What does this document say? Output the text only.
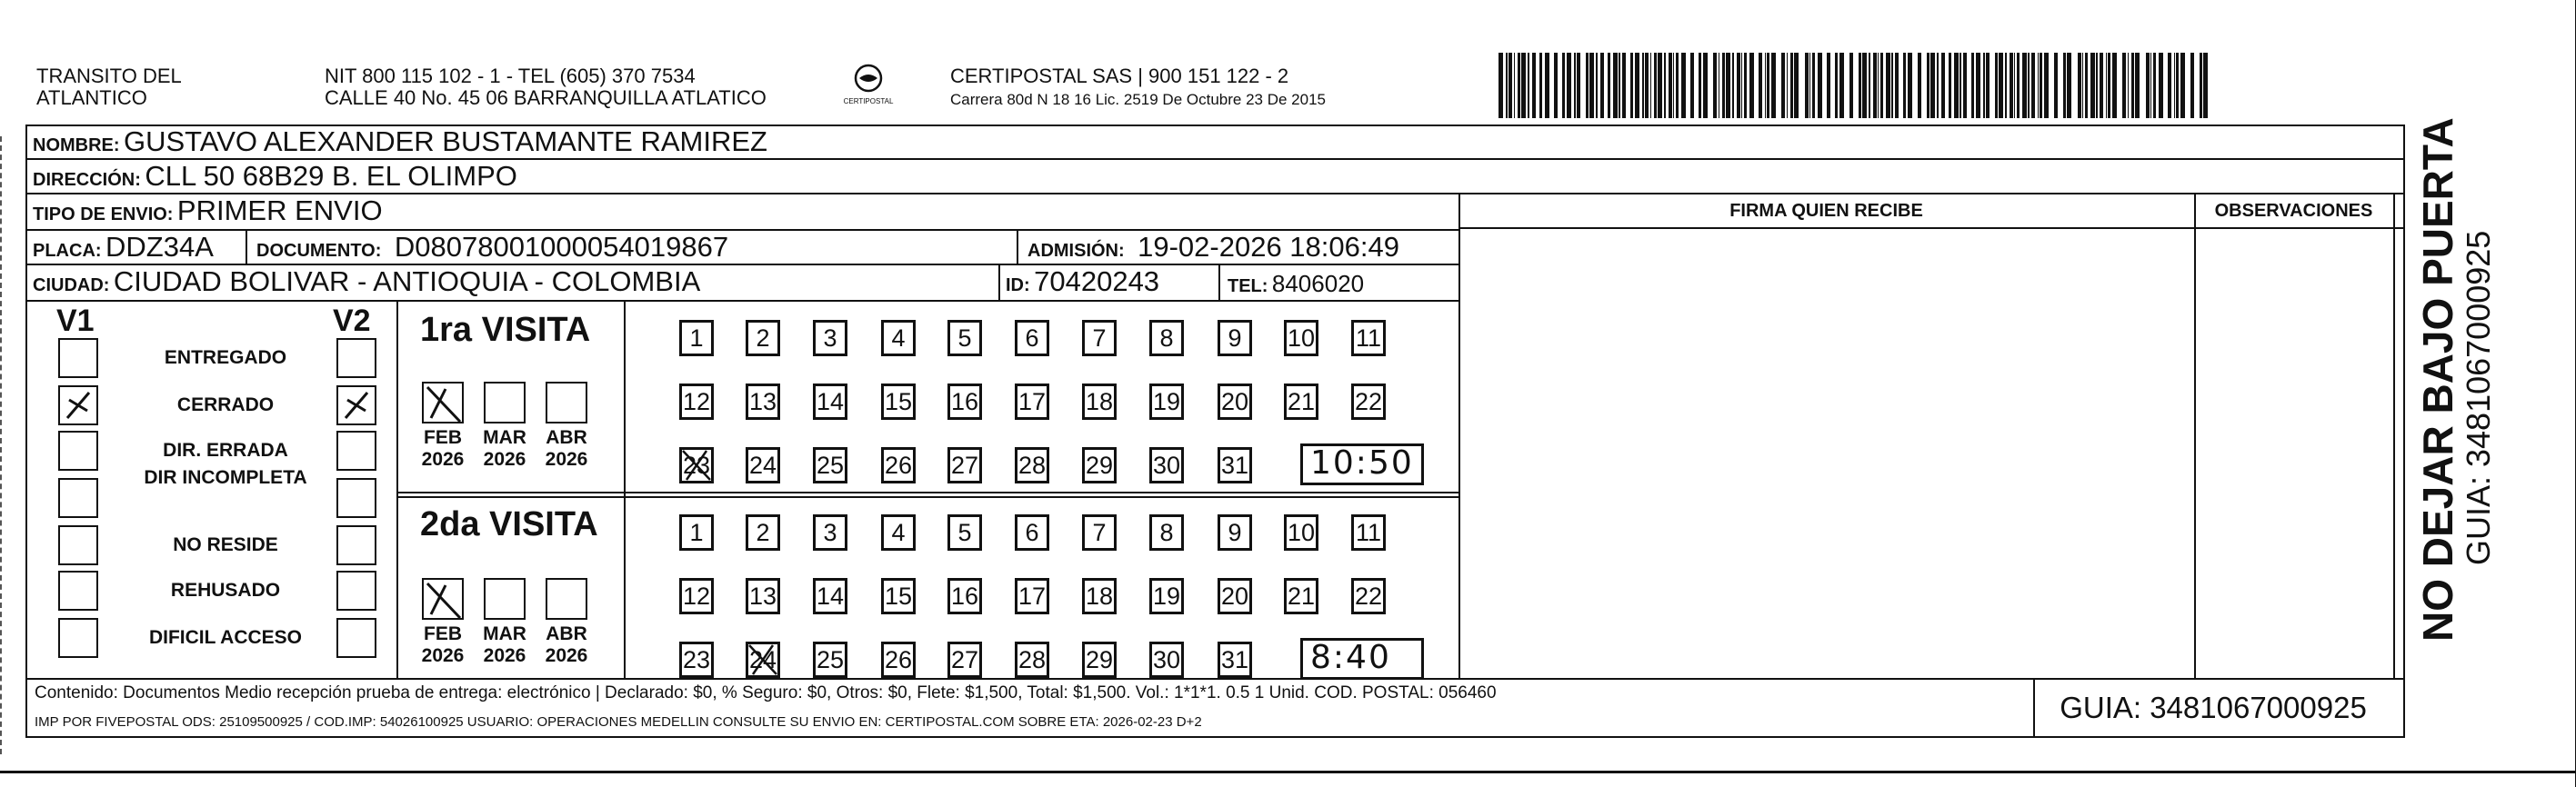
TRANSITO DEL
ATLANTICO
NIT 800 115 102 - 1 - TEL (605) 370 7534
CALLE 40 No. 45 06 BARRANQUILLA ATLATICO	CERTIPOSTAL
CERTIPOSTAL SAS | 900 151 122 - 2
Carrera 80d N 18 16 Lic. 2519 De Octubre 23 De 2015
NOMBRE: GUSTAVO ALEXANDER BUSTAMANTE RAMIREZ
DIRECCIÓN: CLL 50 68B29 B. EL OLIMPO
TIPO DE ENVIO: PRIMER ENVIO	FIRMA QUIEN RECIBE	OBSERVACIONES
PLACA: DDZ34A DOCUMENTO: D08078001000054019867	ADMISIÓN: 19-02-2026 18:06:49
CIUDAD: CIUDAD BOLIVAR - ANTIOQUIA - COLOMBIA	ID: 70420243	TEL: 8406020
V1	V2
ENTREGADO
CERRADO
DIR. ERRADA
DIR INCOMPLETA
NO RESIDE
REHUSADO
DIFICIL ACCESO
1ra VISITA
2da VISITA
FEB
2026
MAR
2026
ABR
2026
FEB
2026
MAR
2026
ABR
2026
1	2	3	4	5	6	7	8	9	10 11
12 13 14 15 16 17 18 19 20 21 22
23 24 25 26 27 28 29 30 31 10:50
1	2	3	4	5	6	7	8	9	10 11
12 13 14 15 16 17 18 19 20 21 22
23 24 25 26 27 28 29 30 31 8:40
Contenido: Documentos Medio recepción prueba de entrega: electrónico | Declarado: $0, % Seguro: $0, Otros: $0, Flete: $1,500, Total: $1,500. Vol.: 1*1*1. 0.5 1 Unid. COD. POSTAL: 056460
IMP POR FIVEPOSTAL ODS: 25109500925 / COD.IMP: 54026100925 USUARIO: OPERACIONES MEDELLIN CONSULTE SU ENVIO EN: CERTIPOSTAL.COM SOBRE ETA: 2026-02-23 D+2	GUIA: 3481067000925
NO DEJAR BAJO PUERTA
GUIA: 3481067000925
